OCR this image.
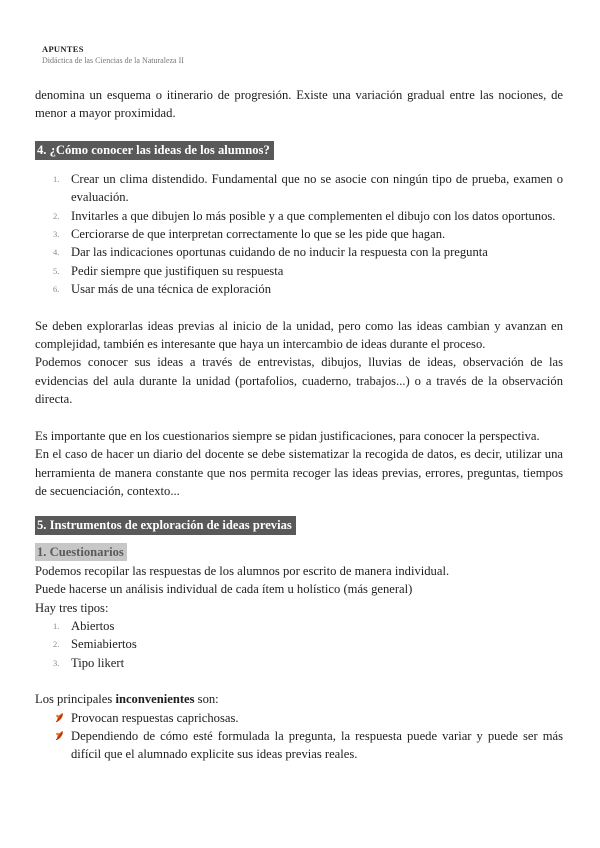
APUNTES
Didáctica de las Ciencias de la Naturaleza II

denomina un esquema o itinerario de progresión. Existe una variación gradual entre las nociones, de menor a mayor proximidad.

4. ¿Cómo conocer las ideas de los alumnos?
1. Crear un clima distendido. Fundamental que no se asocie con ningún tipo de prueba, examen o evaluación.
2. Invitarles a que dibujen lo más posible y a que complementen el dibujo con los datos oportunos.
3. Cerciorarse de que interpretan correctamente lo que se les pide que hagan.
4. Dar las indicaciones oportunas cuidando de no inducir la respuesta con la pregunta
5. Pedir siempre que justifiquen su respuesta
6. Usar más de una técnica de exploración

Se deben explorarlas ideas previas al inicio de la unidad, pero como las ideas cambian y avanzan en complejidad, también es interesante que haya un intercambio de ideas durante el proceso.

Podemos conocer sus ideas a través de entrevistas, dibujos, lluvias de ideas, observación de las evidencias del aula durante la unidad (portafolios, cuaderno, trabajos...) o a través de la observación directa.

Es importante que en los cuestionarios siempre se pidan justificaciones, para conocer la perspectiva.

En el caso de hacer un diario del docente se debe sistematizar la recogida de datos, es decir, utilizar una herramienta de manera constante que nos permita recoger las ideas previas, errores, preguntas, tiempos de secuenciación, contexto...

5. Instrumentos de exploración de ideas previas
1. Cuestionarios

Podemos recopilar las respuestas de los alumnos por escrito de manera individual.

Puede hacerse un análisis individual de cada ítem u holístico (más general)

Hay tres tipos:

1. Abiertos
2. Semiabiertos
3. Tipo likert

Los principales inconvenientes son:

Provocan respuestas caprichosas.
Dependiendo de cómo esté formulada la pregunta, la respuesta puede variar y puede ser más difícil que el alumnado explicite sus ideas previas reales.
